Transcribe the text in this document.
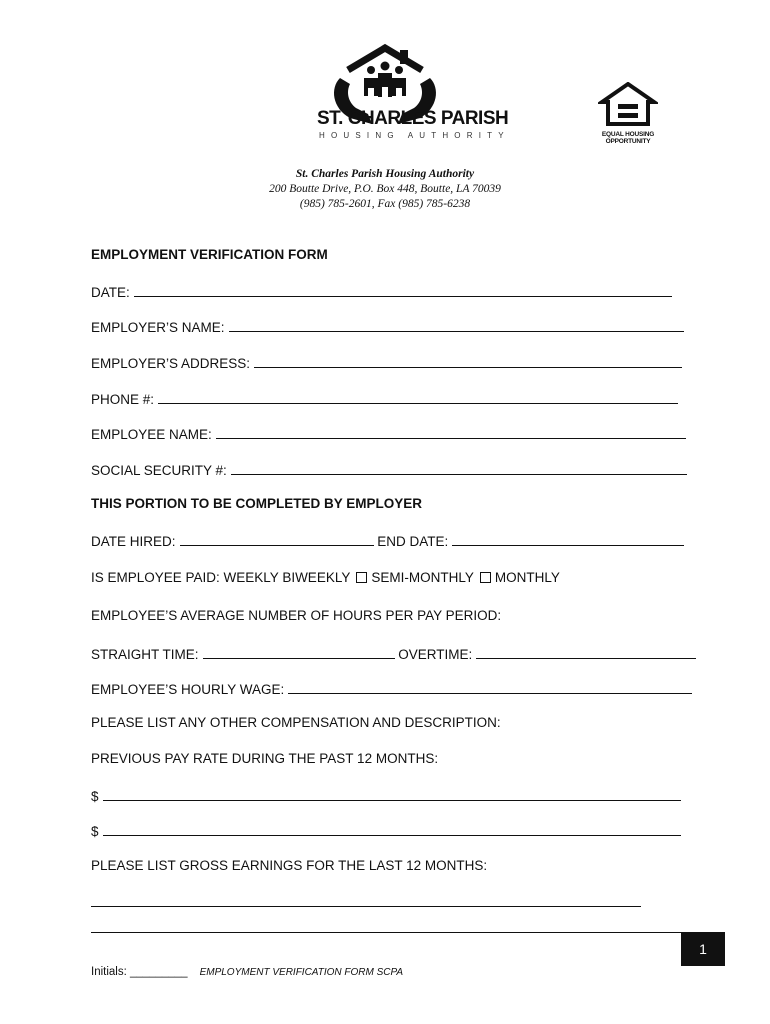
ST. CHARLES PARISH
HOUSING AUTHORITY	EQUAL HOUSING OPPORTUNITY
St. Charles Parish Housing Authority
200 Boutte Drive, P.O. Box 448, Boutte, LA 70039
(985) 785-2601, Fax (985) 785-6238
EMPLOYMENT VERIFICATION FORM
DATE:
EMPLOYER’S NAME:
EMPLOYER’S ADDRESS:
PHONE #:
EMPLOYEE NAME:
SOCIAL SECURITY #:
THIS PORTION TO BE COMPLETED BY EMPLOYER
DATE HIRED:	END DATE:
IS EMPLOYEE PAID: WEEKLY BIWEEKLY SEMI-MONTHLY MONTHLY
EMPLOYEE’S AVERAGE NUMBER OF HOURS PER PAY PERIOD:
STRAIGHT TIME:	OVERTIME:
EMPLOYEE’S HOURLY WAGE:
PLEASE LIST ANY OTHER COMPENSATION AND DESCRIPTION:
PREVIOUS PAY RATE DURING THE PAST 12 MONTHS:
$
$
PLEASE LIST GROSS EARNINGS FOR THE LAST 12 MONTHS:
1
Initials: _________ EMPLOYMENT VERIFICATION FORM SCPA
